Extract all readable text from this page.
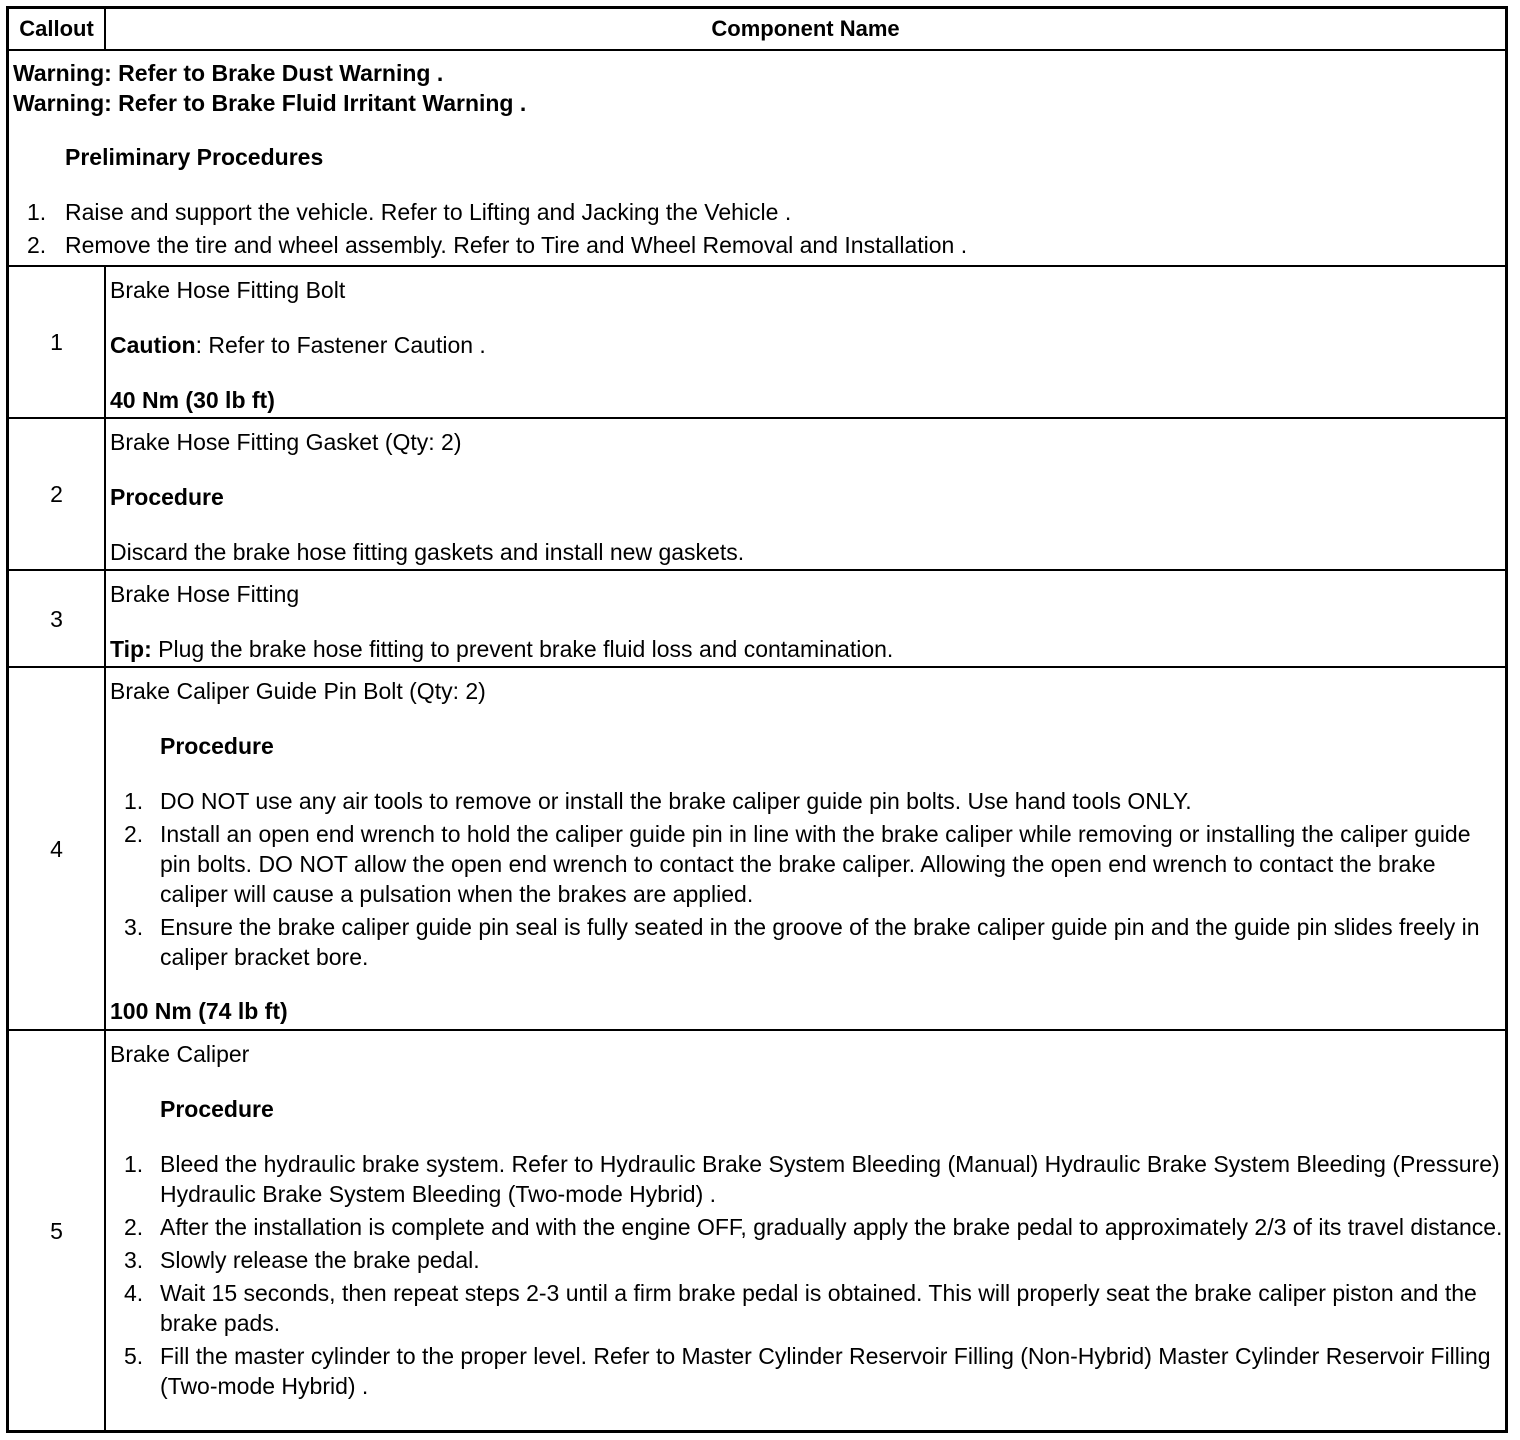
Callout	Component Name

Warning: Refer to Brake Dust Warning .

Warning: Refer to Brake Fluid Irritant Warning .

Preliminary Procedures

1. Raise and support the vehicle. Refer to Lifting and Jacking the Vehicle .
2. Remove the tire and wheel assembly. Refer to Tire and Wheel Removal and Installation .
1

Brake Hose Fitting Bolt

Caution: Refer to Fastener Caution .

40 Nm (30 lb ft)

2

Brake Hose Fitting Gasket (Qty: 2)

Procedure

Discard the brake hose fitting gaskets and install new gaskets.

3

Brake Hose Fitting

Tip: Plug the brake hose fitting to prevent brake fluid loss and contamination.

4

Brake Caliper Guide Pin Bolt (Qty: 2)

Procedure

1. DO NOT use any air tools to remove or install the brake caliper guide pin bolts. Use hand tools ONLY.
2. Install an open end wrench to hold the caliper guide pin in line with the brake caliper while removing or installing the caliper guide pin bolts. DO NOT allow the open end wrench to contact the brake caliper. Allowing the open end wrench to contact the brake caliper will cause a pulsation when the brakes are applied.
3. Ensure the brake caliper guide pin seal is fully seated in the groove of the brake caliper guide pin and the guide pin slides freely in caliper bracket bore.

100 Nm (74 lb ft)

5

Brake Caliper

Procedure

1. Bleed the hydraulic brake system. Refer to Hydraulic Brake System Bleeding (Manual) Hydraulic Brake System Bleeding (Pressure) Hydraulic Brake System Bleeding (Two-mode Hybrid) .
2. After the installation is complete and with the engine OFF, gradually apply the brake pedal to approximately 2/3 of its travel distance.
3. Slowly release the brake pedal.
4. Wait 15 seconds, then repeat steps 2-3 until a firm brake pedal is obtained. This will properly seat the brake caliper piston and the brake pads.
5. Fill the master cylinder to the proper level. Refer to Master Cylinder Reservoir Filling (Non-Hybrid) Master Cylinder Reservoir Filling (Two-mode Hybrid) .
